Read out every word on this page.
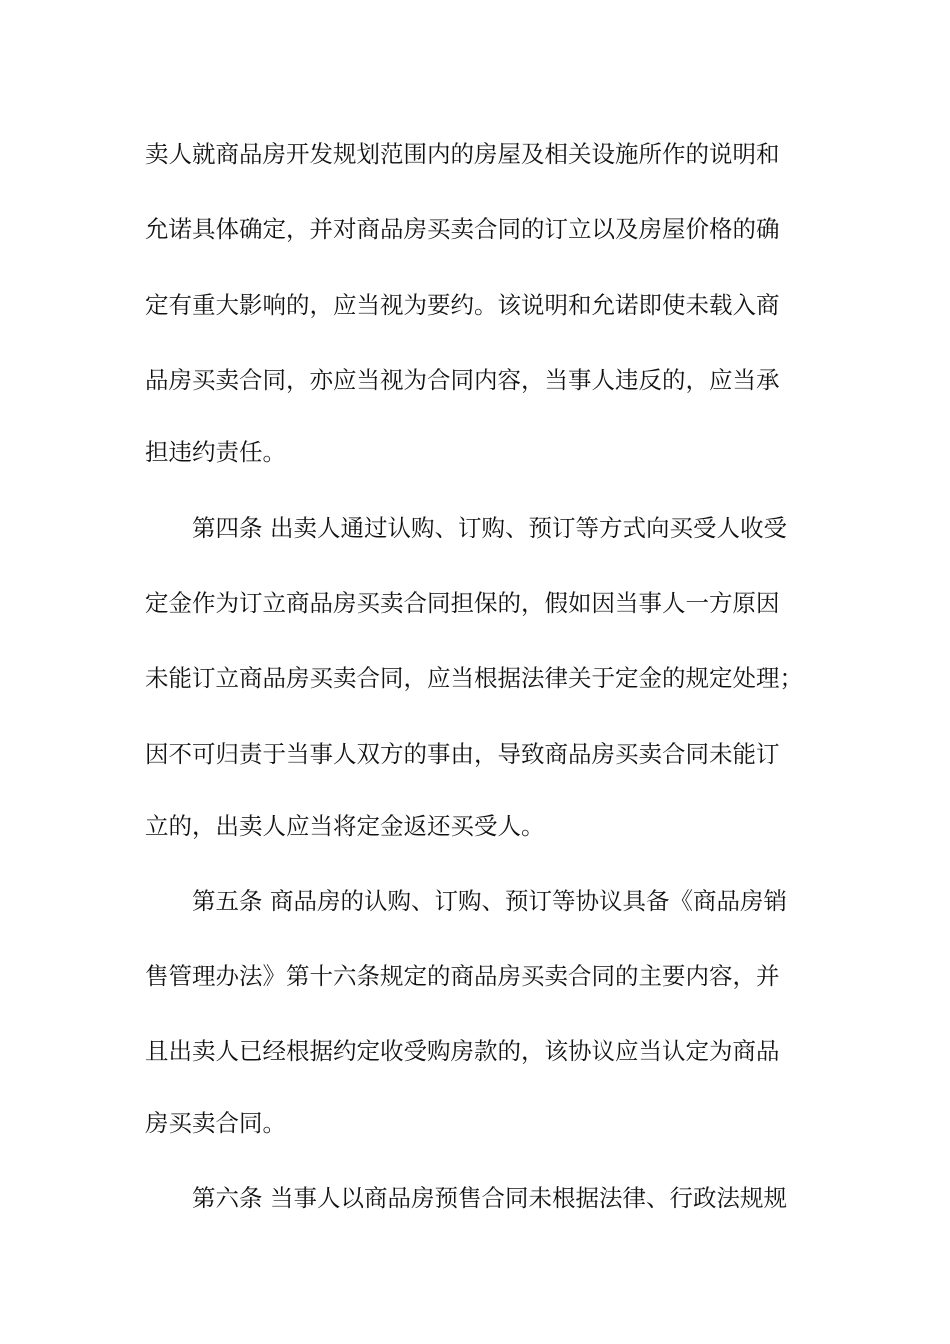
卖人就商品房开发规划范围内的房屋及相关设施所作的说明和
允诺具体确定，并对商品房买卖合同的订立以及房屋价格的确
定有重大影响的，应当视为要约。该说明和允诺即使未载入商
品房买卖合同，亦应当视为合同内容，当事人违反的，应当承
担违约责任。
第四条 出卖人通过认购、订购、预订等方式向买受人收受
定金作为订立商品房买卖合同担保的，假如因当事人一方原因
未能订立商品房买卖合同，应当根据法律关于定金的规定处理；
因不可归责于当事人双方的事由，导致商品房买卖合同未能订
立的，出卖人应当将定金返还买受人。
第五条 商品房的认购、订购、预订等协议具备《商品房销
售管理办法》第十六条规定的商品房买卖合同的主要内容，并
且出卖人已经根据约定收受购房款的，该协议应当认定为商品
房买卖合同。
第六条 当事人以商品房预售合同未根据法律、行政法规规
